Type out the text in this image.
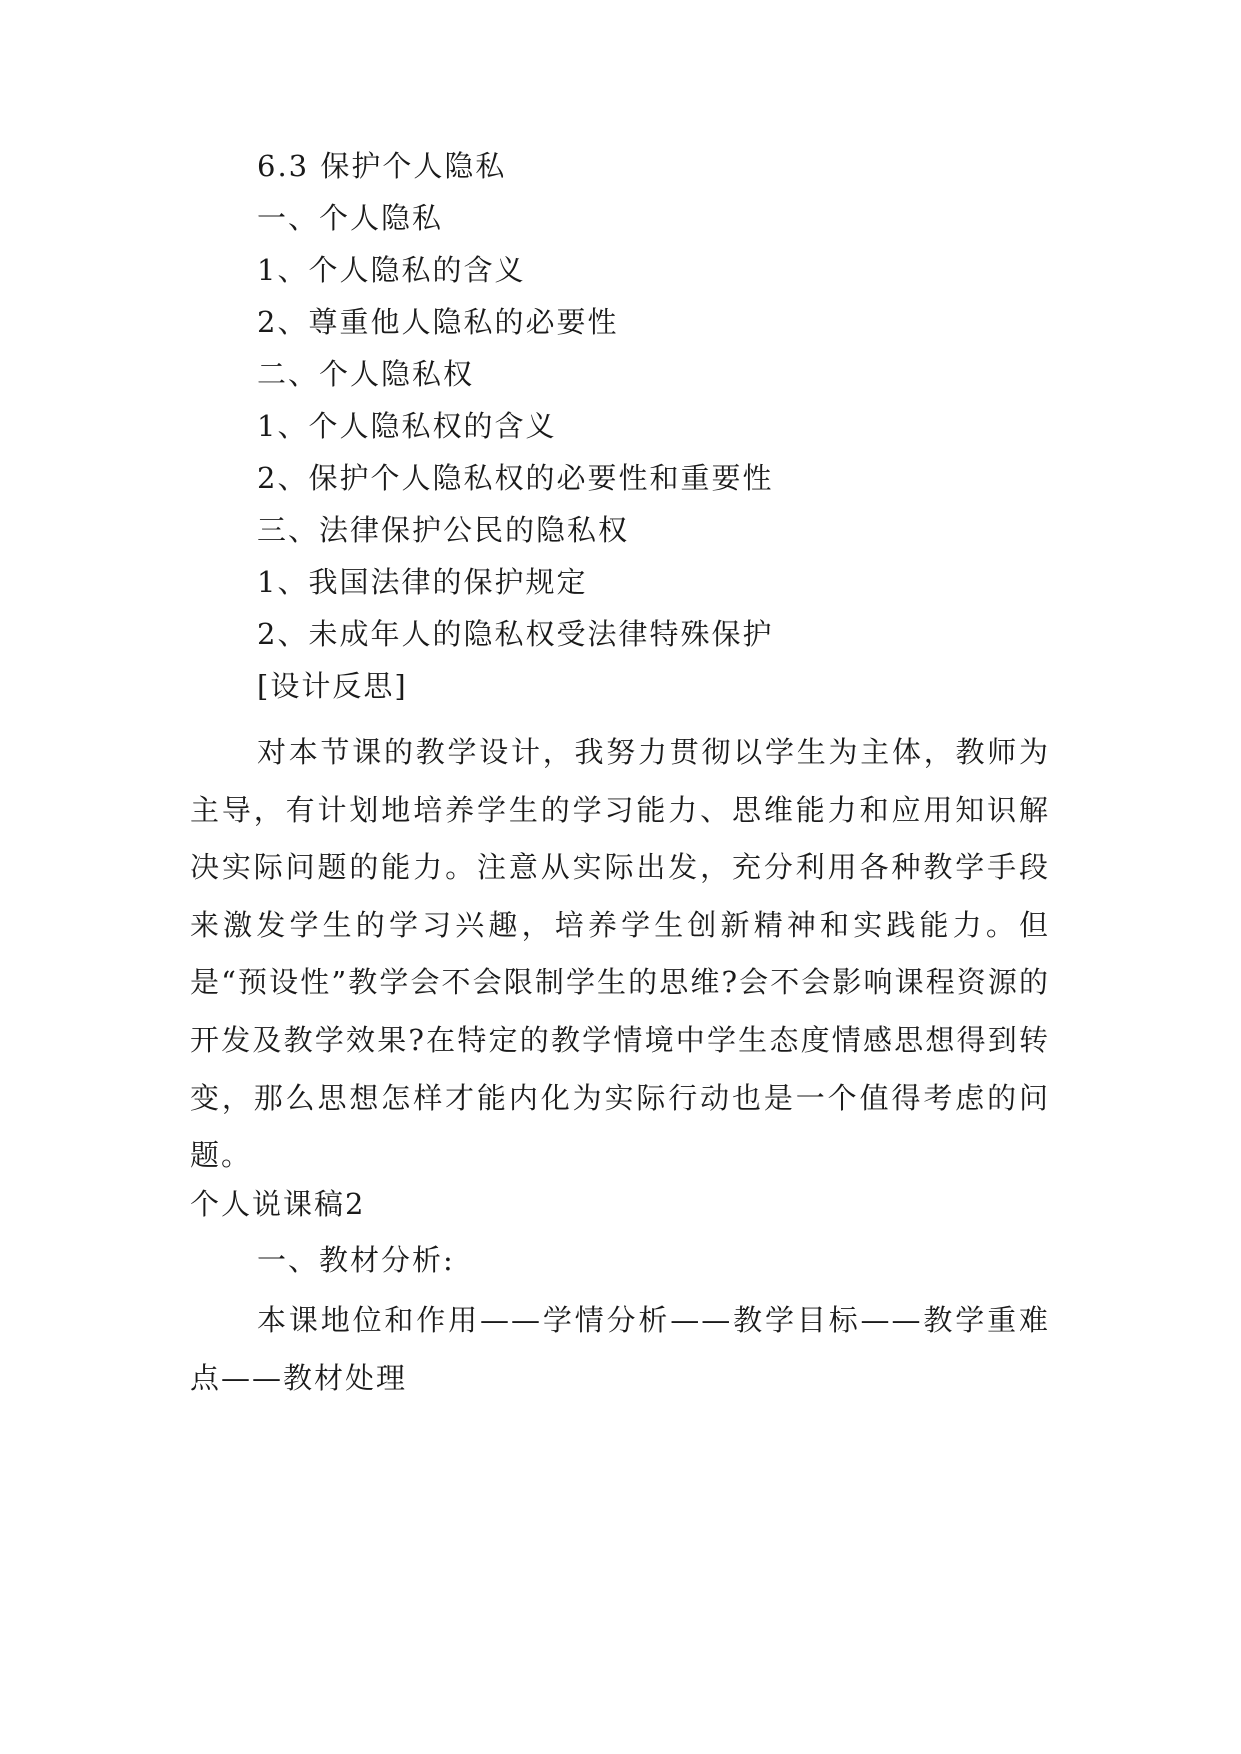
6.3 保护个人隐私
一、个人隐私
1、个人隐私的含义
2、尊重他人隐私的必要性
二、个人隐私权
1、个人隐私权的含义
2、保护个人隐私权的必要性和重要性
三、法律保护公民的隐私权
1、我国法律的保护规定
2、未成年人的隐私权受法律特殊保护
[设计反思]
对本节课的教学设计，我努力贯彻以学生为主体，教师为主导，有计划地培养学生的学习能力、思维能力和应用知识解决实际问题的能力。注意从实际出发，充分利用各种教学手段来激发学生的学习兴趣，培养学生创新精神和实践能力。但是“预设性”教学会不会限制学生的思维?会不会影响课程资源的开发及教学效果?在特定的教学情境中学生态度情感思想得到转变，那么思想怎样才能内化为实际行动也是一个值得考虑的问题。
个人说课稿2
一、教材分析:
本课地位和作用——学情分析——教学目标——教学重难点——教材处理
